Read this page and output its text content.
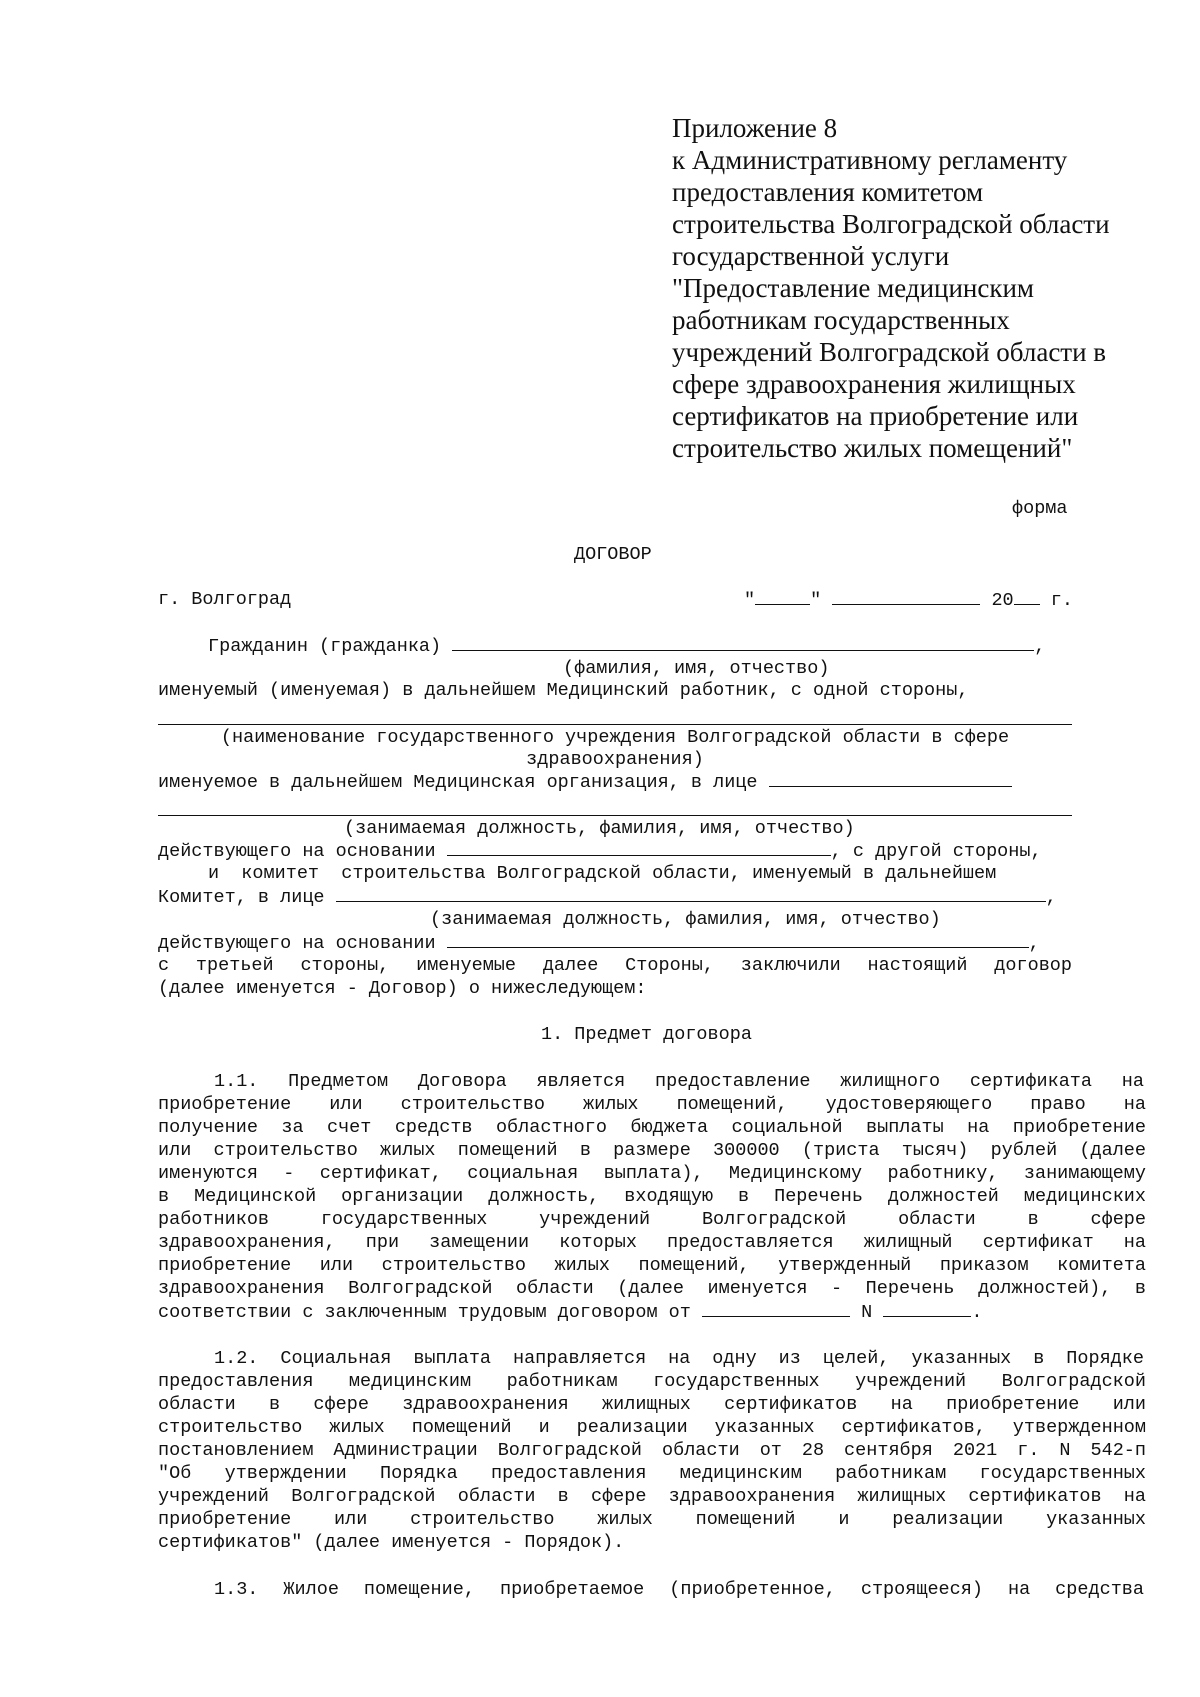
Приложение 8
к Административному регламенту
предоставления комитетом
строительства Волгоградской области
государственной услуги
"Предоставление медицинским
работникам государственных
учреждений Волгоградской области в
сфере здравоохранения жилищных
сертификатов на приобретение или
строительство жилых помещений"
форма
ДОГОВОР
г. Волгоград	"	"	20 г.
Гражданин (гражданка)	,
(фамилия, имя, отчество)
именуемый (именуемая) в дальнейшем Медицинский работник, с одной стороны,
(наименование государственного учреждения Волгоградской области в сфере
здравоохранения)
именуемое в дальнейшем Медицинская организация, в лице
(занимаемая должность, фамилия, имя, отчество)
действующего на основании	, с другой стороны,
и  комитет  строительства Волгоградской области, именуемый в дальнейшем
Комитет, в лице	,
(занимаемая должность, фамилия, имя, отчество)
действующего на основании	,
с третьей стороны, именуемые далее Стороны, заключили настоящий договор
(далее именуется - Договор) о нижеследующем:
1. Предмет договора
1.1. Предметом Договора является предоставление жилищного сертификата на
приобретение или строительство жилых помещений, удостоверяющего право на
получение за счет средств областного бюджета социальной выплаты на приобретение
или строительство жилых помещений в размере 300000 (триста тысяч) рублей (далее
именуются - сертификат, социальная выплата), Медицинскому работнику, занимающему
в Медицинской организации должность, входящую в Перечень должностей медицинских
работников государственных учреждений Волгоградской области в сфере
здравоохранения, при замещении которых предоставляется жилищный сертификат на
приобретение или строительство жилых помещений, утвержденный приказом комитета
здравоохранения Волгоградской области (далее именуется - Перечень должностей), в
соответствии с заключенным трудовым договором от	N	.
1.2. Социальная выплата направляется на одну из целей, указанных в Порядке
предоставления медицинским работникам государственных учреждений Волгоградской
области в сфере здравоохранения жилищных сертификатов на приобретение или
строительство жилых помещений и реализации указанных сертификатов, утвержденном
постановлением Администрации Волгоградской области от 28 сентября 2021 г. N 542-п
"Об утверждении Порядка предоставления медицинским работникам государственных
учреждений Волгоградской области в сфере здравоохранения жилищных сертификатов на
приобретение или строительство жилых помещений и реализации указанных
сертификатов" (далее именуется - Порядок).
1.3. Жилое помещение, приобретаемое (приобретенное, строящееся) на средства
